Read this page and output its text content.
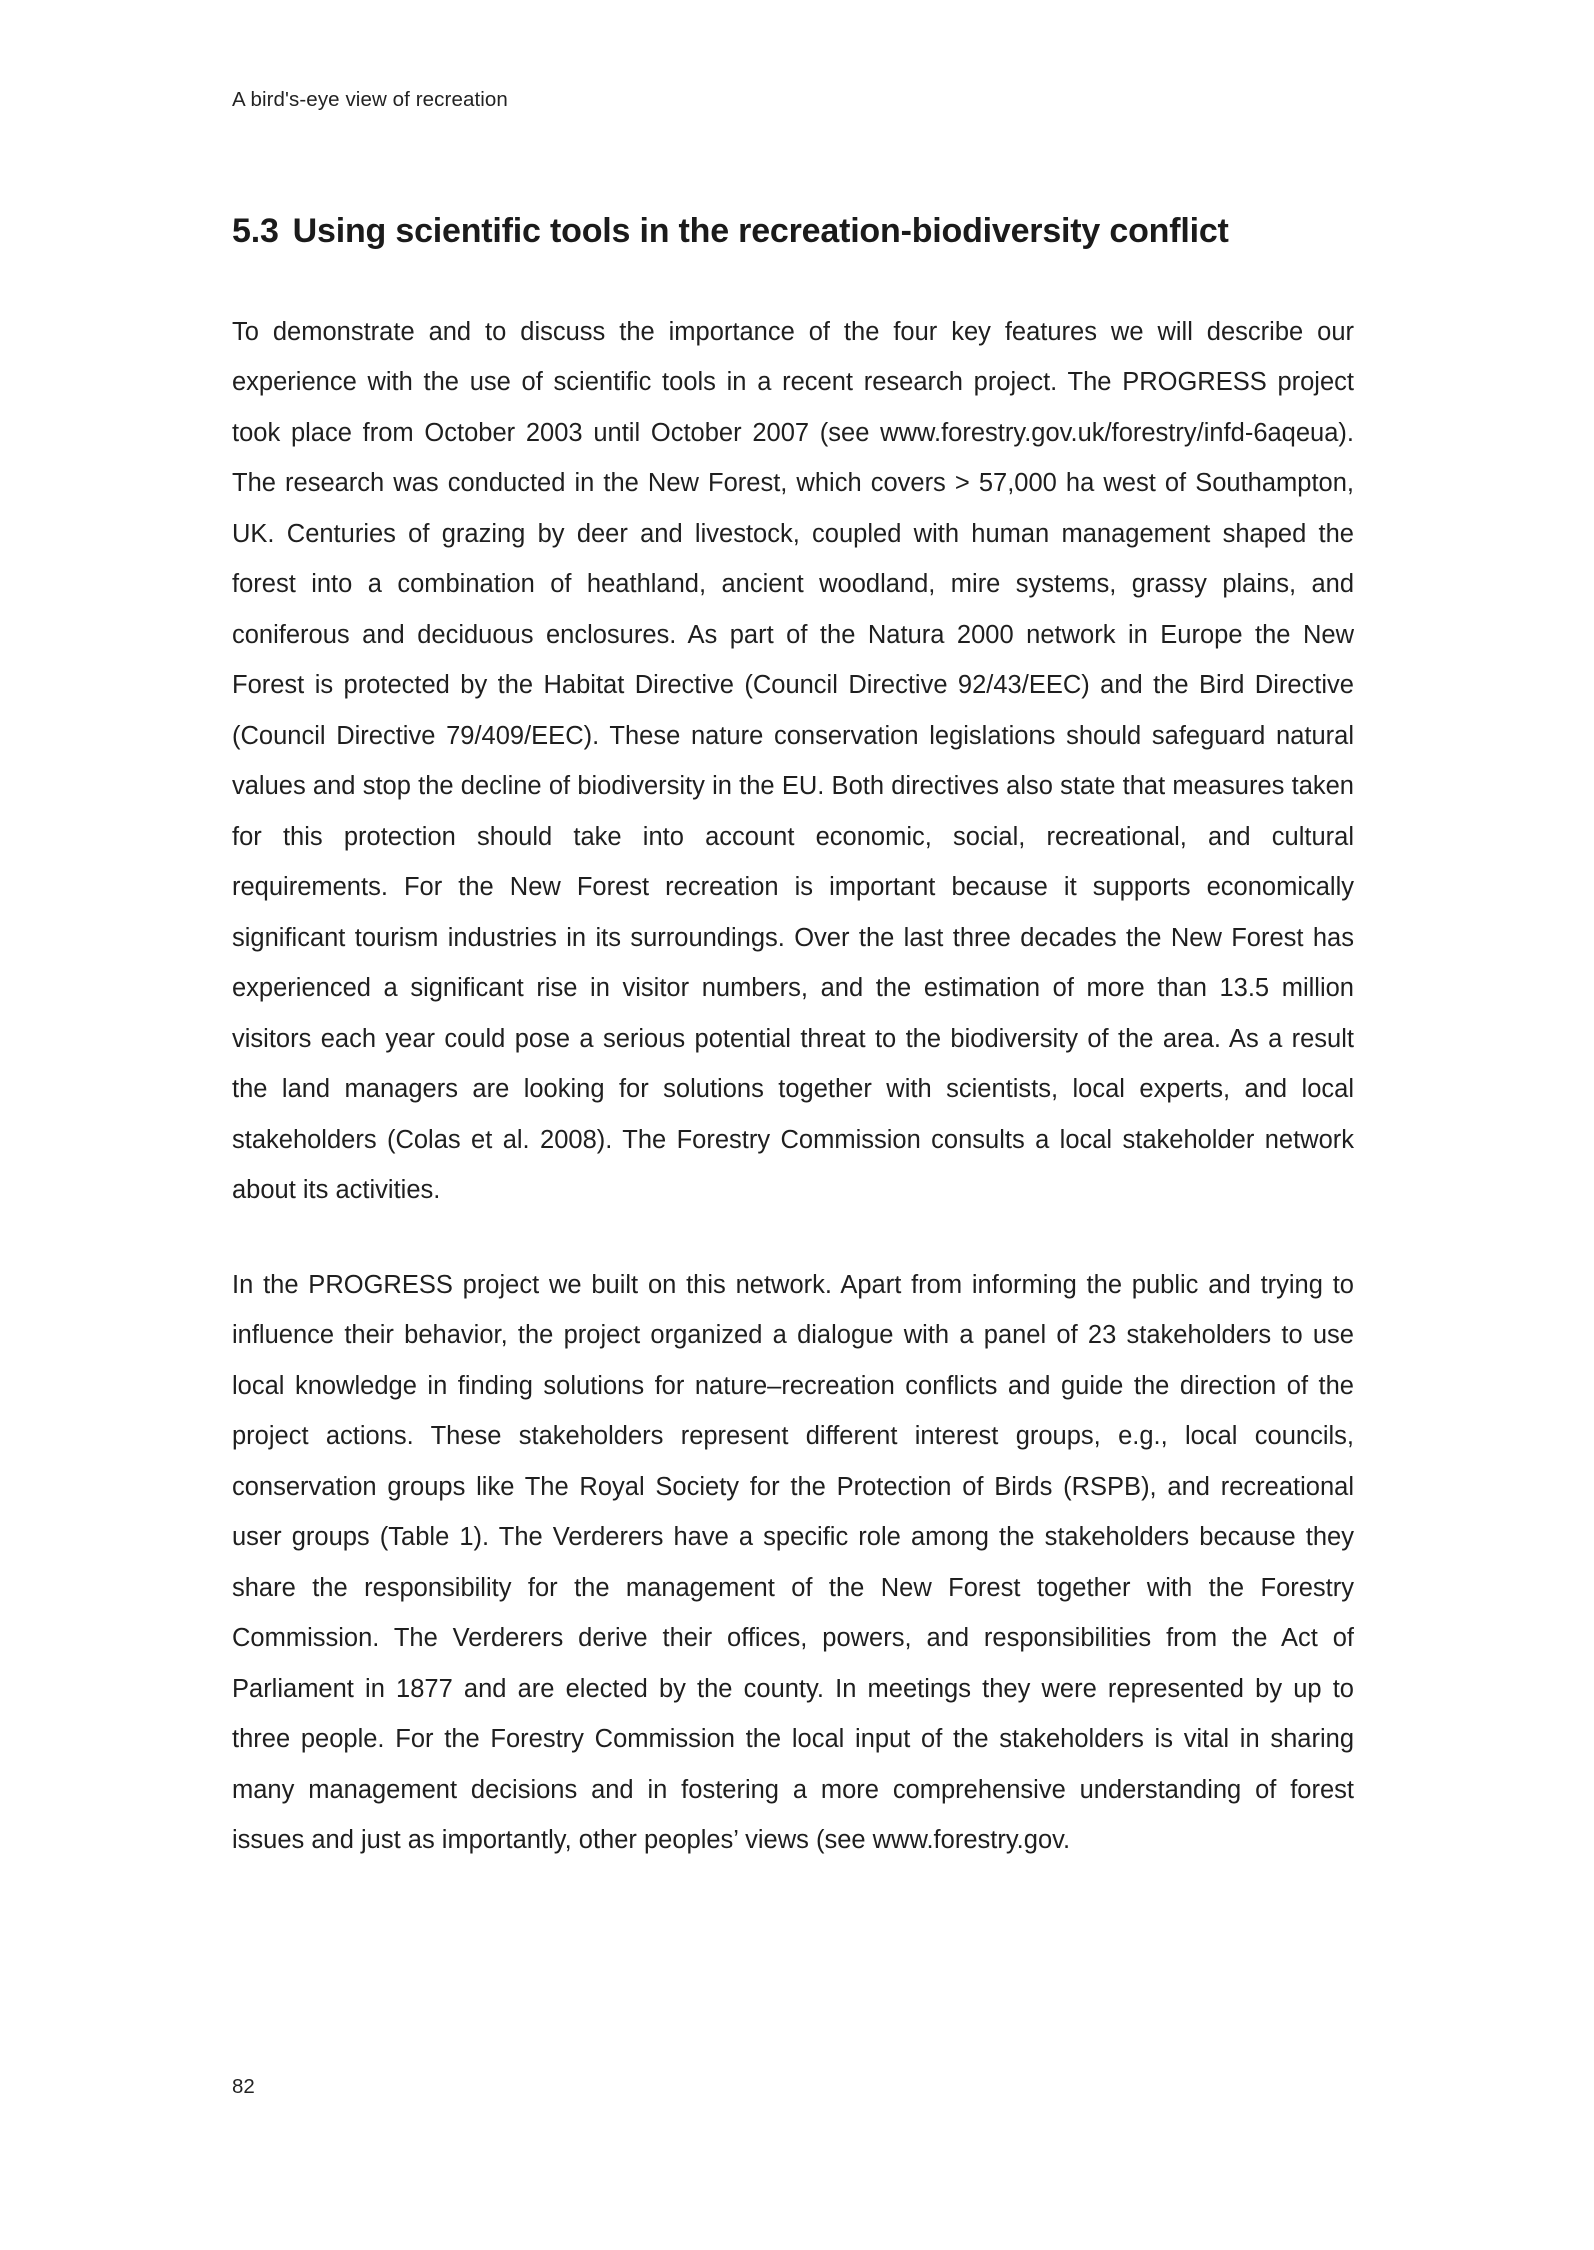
A bird's-eye view of recreation
5.3 Using scientific tools in the recreation-biodiversity conflict

To demonstrate and to discuss the importance of the four key features we will describe our experience with the use of scientific tools in a recent research project. The PROGRESS project took place from October 2003 until October 2007 (see www.forestry.gov.uk/forestry/infd-6aqeua). The research was conducted in the New Forest, which covers > 57,000 ha west of Southampton, UK. Centuries of grazing by deer and livestock, coupled with human management shaped the forest into a combination of heathland, ancient woodland, mire systems, grassy plains, and coniferous and deciduous enclosures. As part of the Natura 2000 network in Europe the New Forest is protected by the Habitat Directive (Council Directive 92/43/EEC) and the Bird Directive (Council Directive 79/409/EEC). These nature conservation legislations should safeguard natural values and stop the decline of biodiversity in the EU. Both directives also state that measures taken for this protection should take into account economic, social, recreational, and cultural requirements. For the New Forest recreation is important because it supports economically significant tourism industries in its surroundings. Over the last three decades the New Forest has experienced a significant rise in visitor numbers, and the estimation of more than 13.5 million visitors each year could pose a serious potential threat to the biodiversity of the area. As a result the land managers are looking for solutions together with scientists, local experts, and local stakeholders (Colas et al. 2008). The Forestry Commission consults a local stakeholder network about its activities.

In the PROGRESS project we built on this network. Apart from informing the public and trying to influence their behavior, the project organized a dialogue with a panel of 23 stakeholders to use local knowledge in finding solutions for nature–recreation conflicts and guide the direction of the project actions. These stakeholders represent different interest groups, e.g., local councils, conservation groups like The Royal Society for the Protection of Birds (RSPB), and recreational user groups (Table 1). The Verderers have a specific role among the stakeholders because they share the responsibility for the management of the New Forest together with the Forestry Commission. The Verderers derive their offices, powers, and responsibilities from the Act of Parliament in 1877 and are elected by the county. In meetings they were represented by up to three people. For the Forestry Commission the local input of the stakeholders is vital in sharing many management decisions and in fostering a more comprehensive understanding of forest issues and just as importantly, other peoples’ views (see www.forestry.gov.

82
